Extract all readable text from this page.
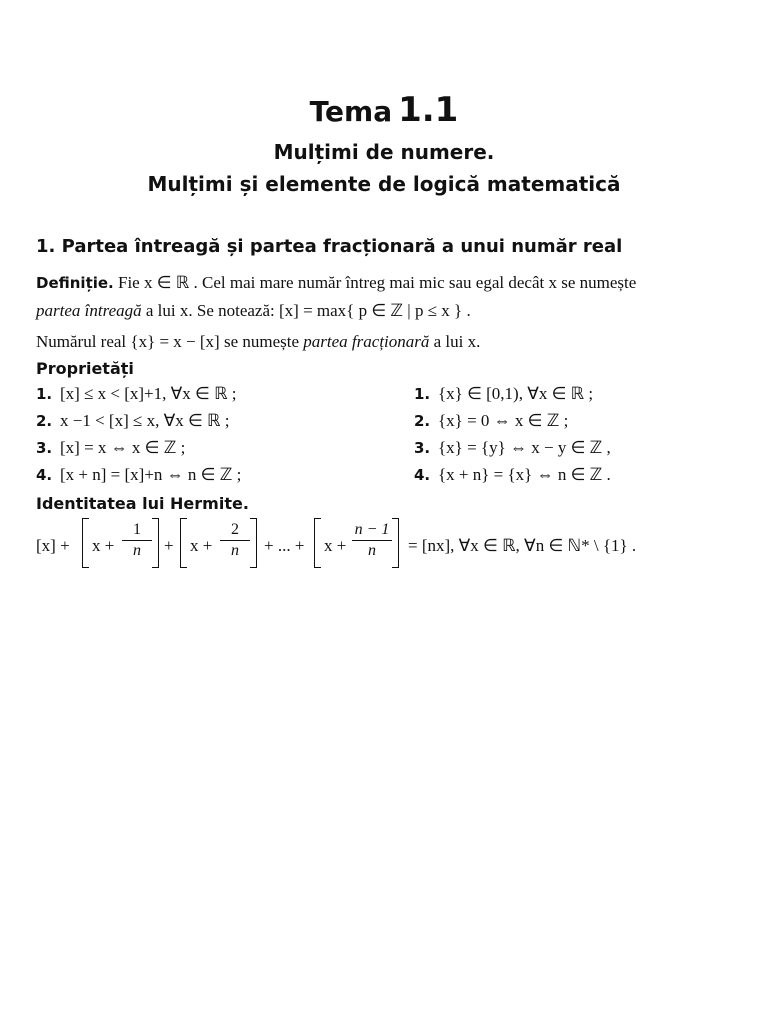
Tema 1.1
Mulțimi de numere.
Mulțimi și elemente de logică matematică
1. Partea întreagă și partea fracționară a unui număr real
Definiție. Fie x ∈ ℝ . Cel mai mare număr întreg mai mic sau egal decât x se numește
partea întreagă a lui x. Se notează: [x] = max{ p ∈ ℤ | p ≤ x } .
Numărul real {x} = x − [x] se numește partea fracționară a lui x.
Proprietăți
1. [x] ≤ x < [x]+1, ∀x ∈ ℝ ;
2. x −1 < [x] ≤ x, ∀x ∈ ℝ ;
3. [x] = x ⇔ x ∈ ℤ ;
4. [x + n] = [x]+n ⇔ n ∈ ℤ ;
1. {x} ∈ [0,1), ∀x ∈ ℝ ;
2. {x} = 0 ⇔ x ∈ ℤ ;
3. {x} = {y} ⇔ x − y ∈ ℤ ,
4. {x + n} = {x} ⇔ n ∈ ℤ .
Identitatea lui Hermite.
$[x] + x + \frac{1}{n} + x + \frac{2}{n}$ + ... + $x + \frac{n - 1}{n} = [nx]$, ∀x ∈ ℝ, ∀n ∈ ℕ* \ {1} .
